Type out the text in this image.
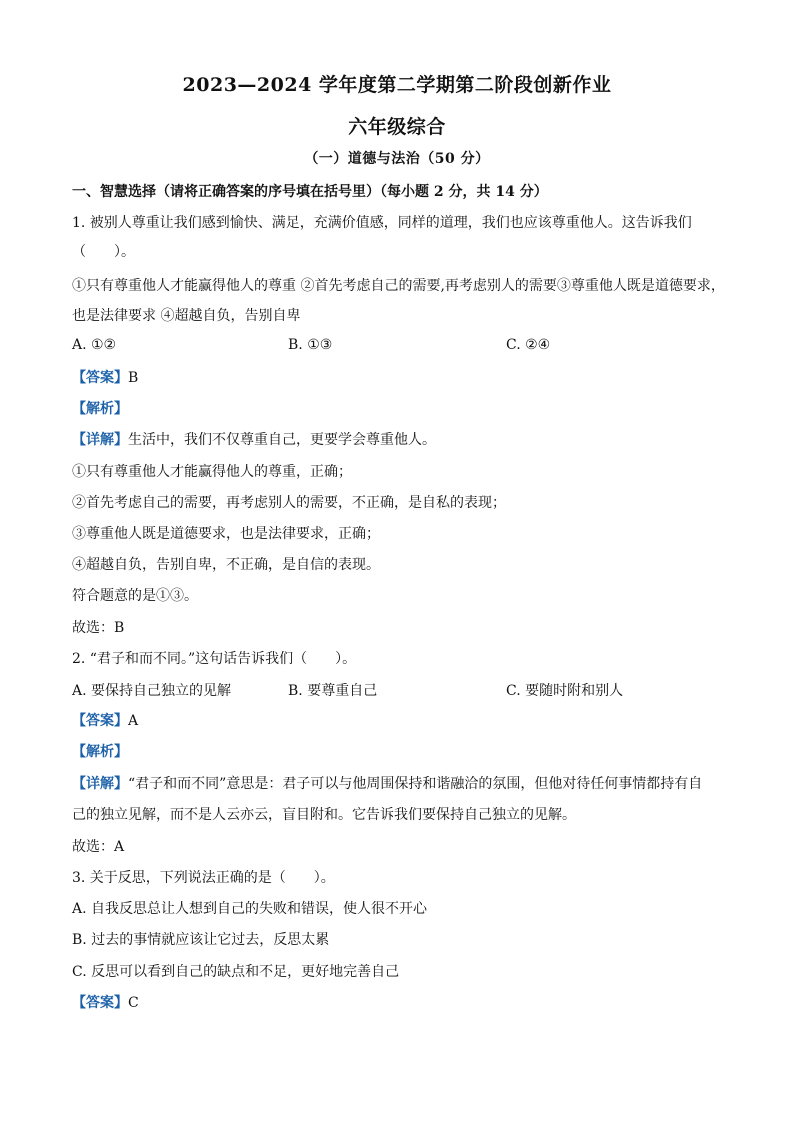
2023—2024 学年度第二学期第二阶段创新作业
六年级综合
（一）道德与法治（50 分）
一、智慧选择（请将正确答案的序号填在括号里）（每小题 2 分，共 14 分）
1. 被别人尊重让我们感到愉快、满足，充满价值感，同样的道理，我们也应该尊重他人。这告诉我们
（　　）。
①只有尊重他人才能赢得他人的尊重 ②首先考虑自己的需要,再考虑别人的需要③尊重他人既是道德要求，
也是法律要求 ④超越自负，告别自卑
A. ①②	B. ①③	C. ②④
【答案】B
【解析】
【详解】生活中，我们不仅尊重自己，更要学会尊重他人。
①只有尊重他人才能赢得他人的尊重，正确；
②首先考虑自己的需要，再考虑别人的需要，不正确，是自私的表现；
③尊重他人既是道德要求，也是法律要求，正确；
④超越自负，告别自卑，不正确，是自信的表现。
符合题意的是①③。
故选：B
2. “君子和而不同。”这句话告诉我们（　　）。
A. 要保持自己独立的见解	B. 要尊重自己	C. 要随时附和别人
【答案】A
【解析】
【详解】“君子和而不同”意思是：君子可以与他周围保持和谐融洽的氛围，但他对待任何事情都持有自
己的独立见解，而不是人云亦云，盲目附和。它告诉我们要保持自己独立的见解。
故选：A
3. 关于反思，下列说法正确的是（　　）。
A. 自我反思总让人想到自己的失败和错误，使人很不开心
B. 过去的事情就应该让它过去，反思太累
C. 反思可以看到自己的缺点和不足，更好地完善自己
【答案】C
